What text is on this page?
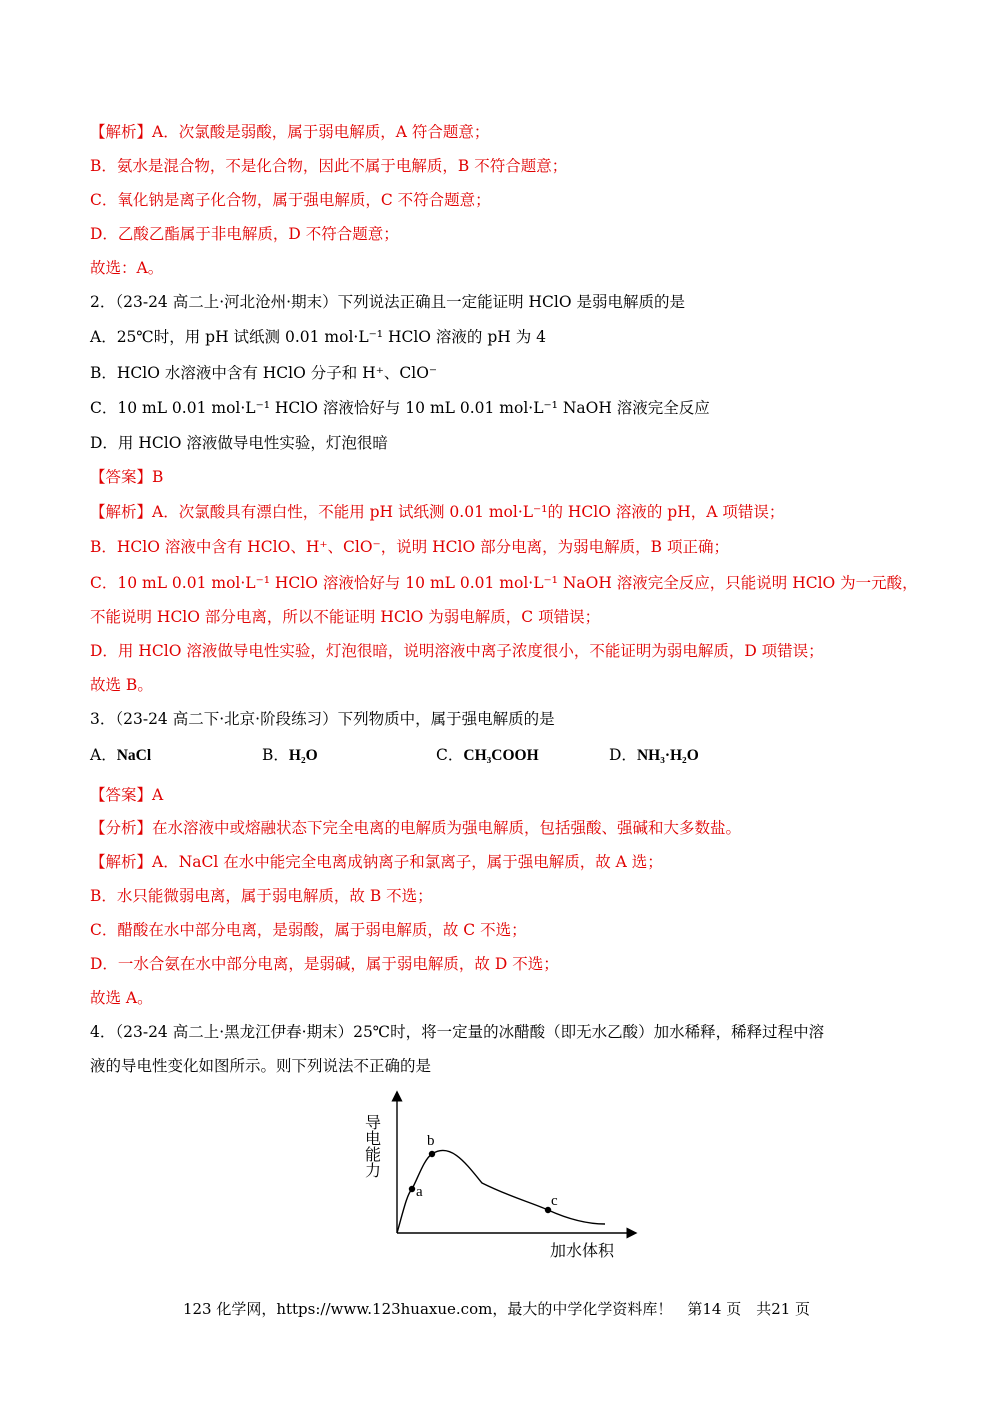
【解析】A．次氯酸是弱酸，属于弱电解质，A 符合题意；
B．氨水是混合物，不是化合物，因此不属于电解质，B 不符合题意；
C．氧化钠是离子化合物，属于强电解质，C 不符合题意；
D．乙酸乙酯属于非电解质，D 不符合题意；
故选：A。
2．（23-24 高二上·河北沧州·期末）下列说法正确且一定能证明 HClO 是弱电解质的是
A．25℃时，用 pH 试纸测 0.01 mol·L⁻¹ HClO 溶液的 pH 为 4
B．HClO 水溶液中含有 HClO 分子和 H⁺、ClO⁻
C．10 mL 0.01 mol·L⁻¹ HClO 溶液恰好与 10 mL 0.01 mol·L⁻¹ NaOH 溶液完全反应
D．用 HClO 溶液做导电性实验，灯泡很暗
【答案】B
【解析】A．次氯酸具有漂白性，不能用 pH 试纸测 0.01 mol·L⁻¹的 HClO 溶液的 pH，A 项错误；
B．HClO 溶液中含有 HClO、H⁺、ClO⁻，说明 HClO 部分电离，为弱电解质，B 项正确；
C．10 mL 0.01 mol·L⁻¹ HClO 溶液恰好与 10 mL 0.01 mol·L⁻¹ NaOH 溶液完全反应，只能说明 HClO 为一元酸，
不能说明 HClO 部分电离，所以不能证明 HClO 为弱电解质，C 项错误；
D．用 HClO 溶液做导电性实验，灯泡很暗，说明溶液中离子浓度很小，不能证明为弱电解质，D 项错误；
故选 B。
3．（23-24 高二下·北京·阶段练习）下列物质中，属于强电解质的是
A．NaCl	B．H₂O	C．CH₃COOH	D．NH₃·H₂O
【答案】A
【分析】在水溶液中或熔融状态下完全电离的电解质为强电解质，包括强酸、强碱和大多数盐。
【解析】A．NaCl 在水中能完全电离成钠离子和氯离子，属于强电解质，故 A 选；
B．水只能微弱电离，属于弱电解质，故 B 不选；
C．醋酸在水中部分电离，是弱酸，属于弱电解质，故 C 不选；
D．一水合氨在水中部分电离，是弱碱，属于弱电解质，故 D 不选；
故选 A。
4．（23-24 高二上·黑龙江伊春·期末）25℃时，将一定量的冰醋酸（即无水乙酸）加水稀释，稀释过程中溶
液的导电性变化如图所示。则下列说法不正确的是
a
b
c
导电能力
加水体积
123 化学网，https://www.123huaxue.com，最大的中学化学资料库！　第14 页　共21 页
